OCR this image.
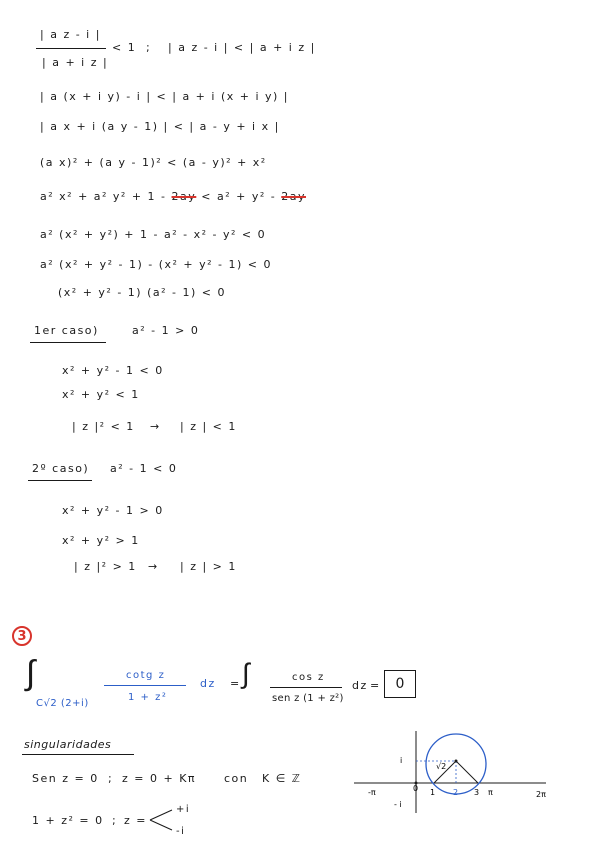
| a z - i |
| a + i z |
< 1 ; | a z - i | < | a + i z |
| a (x + i y) - i | < | a + i (x + i y) |
| a x + i (a y - 1) | < | a - y + i x |
(a x)² + (a y - 1)² < (a - y)² + x²
a² x² + a² y² + 1 - 2ay < a² + y² - 2ay
a² (x² + y²) + 1 - a² - x² - y² < 0
a² (x² + y² - 1) - (x² + y² - 1) < 0
(x² + y² - 1) (a² - 1) < 0
1er caso)	a² - 1 > 0
x² + y² - 1 < 0
x² + y² < 1
| z |² < 1 → | z | < 1
2º caso) a² - 1 < 0
x² + y² - 1 > 0
x² + y² > 1
| z |² > 1 → | z | > 1
3
∫
C√2 (2+i)
cotg z
1 + z²
dz = ∫	cos z
sen z (1 + z²)
dz =	0
singularidades
Sen z = 0 ; z = 0 + Kπ	con K ∈ ℤ
1 + z² = 0 ; z =
+i
-i
i
- i
-π	0 1 2 3 π	2π
√2
